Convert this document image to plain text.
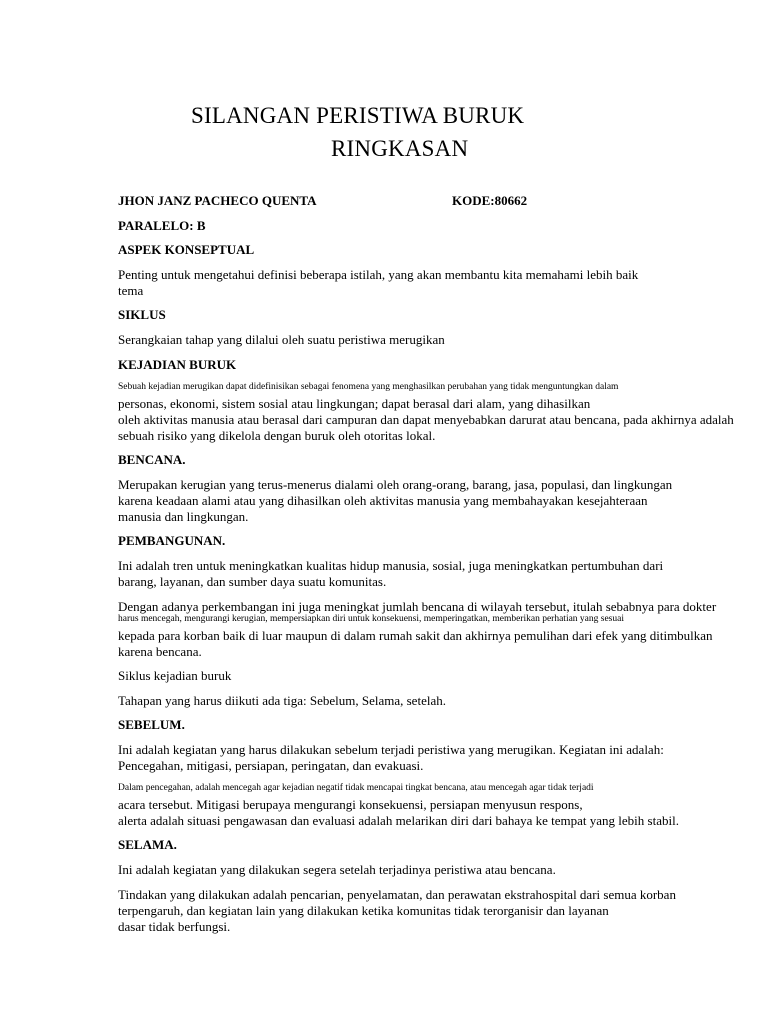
SILANGAN PERISTIWA BURUK
RINGKASAN
JHON JANZ PACHECO QUENTA	KODE:80662
PARALELO: B
ASPEK KONSEPTUAL
Penting untuk mengetahui definisi beberapa istilah, yang akan membantu kita memahami lebih baik
tema
SIKLUS
Serangkaian tahap yang dilalui oleh suatu peristiwa merugikan
KEJADIAN BURUK
Sebuah kejadian merugikan dapat didefinisikan sebagai fenomena yang menghasilkan perubahan yang tidak menguntungkan dalam
personas, ekonomi, sistem sosial atau lingkungan; dapat berasal dari alam, yang dihasilkan
oleh aktivitas manusia atau berasal dari campuran dan dapat menyebabkan darurat atau bencana, pada akhirnya adalah
sebuah risiko yang dikelola dengan buruk oleh otoritas lokal.
BENCANA.
Merupakan kerugian yang terus-menerus dialami oleh orang-orang, barang, jasa, populasi, dan lingkungan
karena keadaan alami atau yang dihasilkan oleh aktivitas manusia yang membahayakan kesejahteraan
manusia dan lingkungan.
PEMBANGUNAN.
Ini adalah tren untuk meningkatkan kualitas hidup manusia, sosial, juga meningkatkan pertumbuhan dari
barang, layanan, dan sumber daya suatu komunitas.
Dengan adanya perkembangan ini juga meningkat jumlah bencana di wilayah tersebut, itulah sebabnya para dokter
harus mencegah, mengurangi kerugian, mempersiapkan diri untuk konsekuensi, memperingatkan, memberikan perhatian yang sesuai
kepada para korban baik di luar maupun di dalam rumah sakit dan akhirnya pemulihan dari efek yang ditimbulkan
karena bencana.
Siklus kejadian buruk
Tahapan yang harus diikuti ada tiga: Sebelum, Selama, setelah.
SEBELUM.
Ini adalah kegiatan yang harus dilakukan sebelum terjadi peristiwa yang merugikan. Kegiatan ini adalah:
Pencegahan, mitigasi, persiapan, peringatan, dan evakuasi.
Dalam pencegahan, adalah mencegah agar kejadian negatif tidak mencapai tingkat bencana, atau mencegah agar tidak terjadi
acara tersebut. Mitigasi berupaya mengurangi konsekuensi, persiapan menyusun respons,
alerta adalah situasi pengawasan dan evaluasi adalah melarikan diri dari bahaya ke tempat yang lebih stabil.
SELAMA.
Ini adalah kegiatan yang dilakukan segera setelah terjadinya peristiwa atau bencana.
Tindakan yang dilakukan adalah pencarian, penyelamatan, dan perawatan ekstrahospital dari semua korban
terpengaruh, dan kegiatan lain yang dilakukan ketika komunitas tidak terorganisir dan layanan
dasar tidak berfungsi.
